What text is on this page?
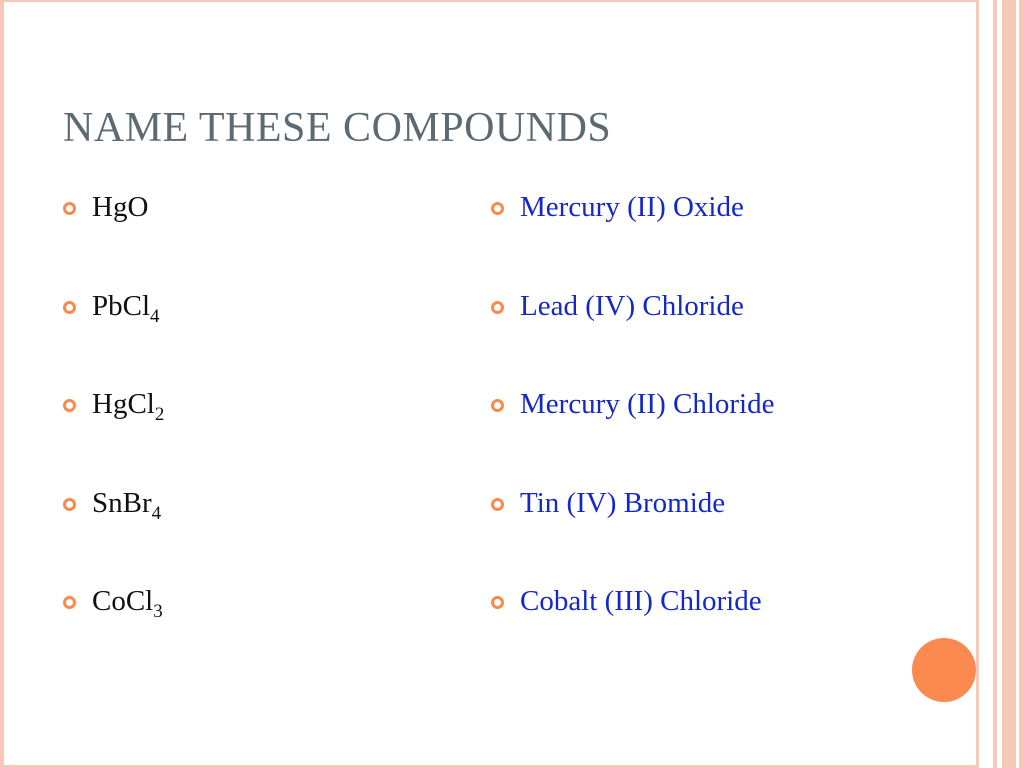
NAME THESE COMPOUNDS
HgO
PbCl$_4$
HgCl$_2$
SnBr$_4$
CoCl$_3$
Mercury (II) Oxide
Lead (IV) Chloride
Mercury (II) Chloride
Tin (IV) Bromide
Cobalt (III) Chloride
